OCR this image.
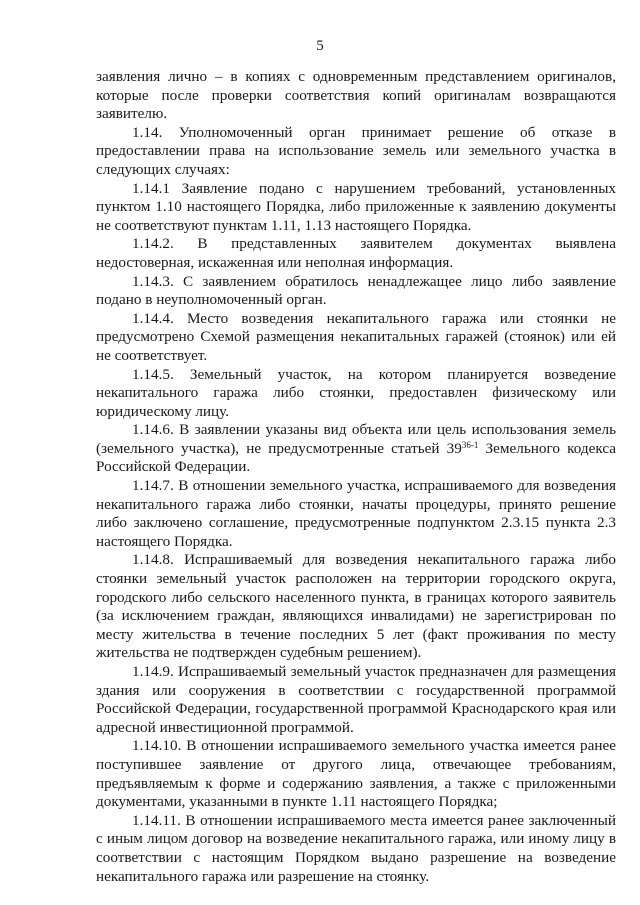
5

заявления лично – в копиях с одновременным представлением оригиналов, которые после проверки соответствия копий оригиналам возвращаются заявителю.

1.14. Уполномоченный орган принимает решение об отказе в предоставлении права на использование земель или земельного участка в следующих случаях:

1.14.1 Заявление подано с нарушением требований, установленных пунктом 1.10 настоящего Порядка, либо приложенные к заявлению документы не соответствуют пунктам 1.11, 1.13 настоящего Порядка.

1.14.2. В представленных заявителем документах выявлена недостоверная, искаженная или неполная информация.

1.14.3. С заявлением обратилось ненадлежащее лицо либо заявление подано в неуполномоченный орган.

1.14.4. Место возведения некапитального гаража или стоянки не предусмотрено Схемой размещения некапитальных гаражей (стоянок) или ей не соответствует.

1.14.5. Земельный участок, на котором планируется возведение некапитального гаража либо стоянки, предоставлен физическому или юридическому лицу.

1.14.6. В заявлении указаны вид объекта или цель использования земель (земельного участка), не предусмотренные статьей 39$^{36-1}$ Земельного кодекса Российской Федерации.

1.14.7. В отношении земельного участка, испрашиваемого для возведения некапитального гаража либо стоянки, начаты процедуры, принято решение либо заключено соглашение, предусмотренные подпунктом 2.3.15 пункта 2.3 настоящего Порядка.

1.14.8. Испрашиваемый для возведения некапитального гаража либо стоянки земельный участок расположен на территории городского округа, городского либо сельского населенного пункта, в границах которого заявитель (за исключением граждан, являющихся инвалидами) не зарегистрирован по месту жительства в течение последних 5 лет (факт проживания по месту жительства не подтвержден судебным решением).

1.14.9. Испрашиваемый земельный участок предназначен для размещения здания или сооружения в соответствии с государственной программой Российской Федерации, государственной программой Краснодарского края или адресной инвестиционной программой.

1.14.10. В отношении испрашиваемого земельного участка имеется ранее поступившее заявление от другого лица, отвечающее требованиям, предъявляемым к форме и содержанию заявления, а также с приложенными документами, указанными в пункте 1.11 настоящего Порядка;

1.14.11. В отношении испрашиваемого места имеется ранее заключенный с иным лицом договор на возведение некапитального гаража, или иному лицу в соответствии с настоящим Порядком выдано разрешение на возведение некапитального гаража или разрешение на стоянку.
